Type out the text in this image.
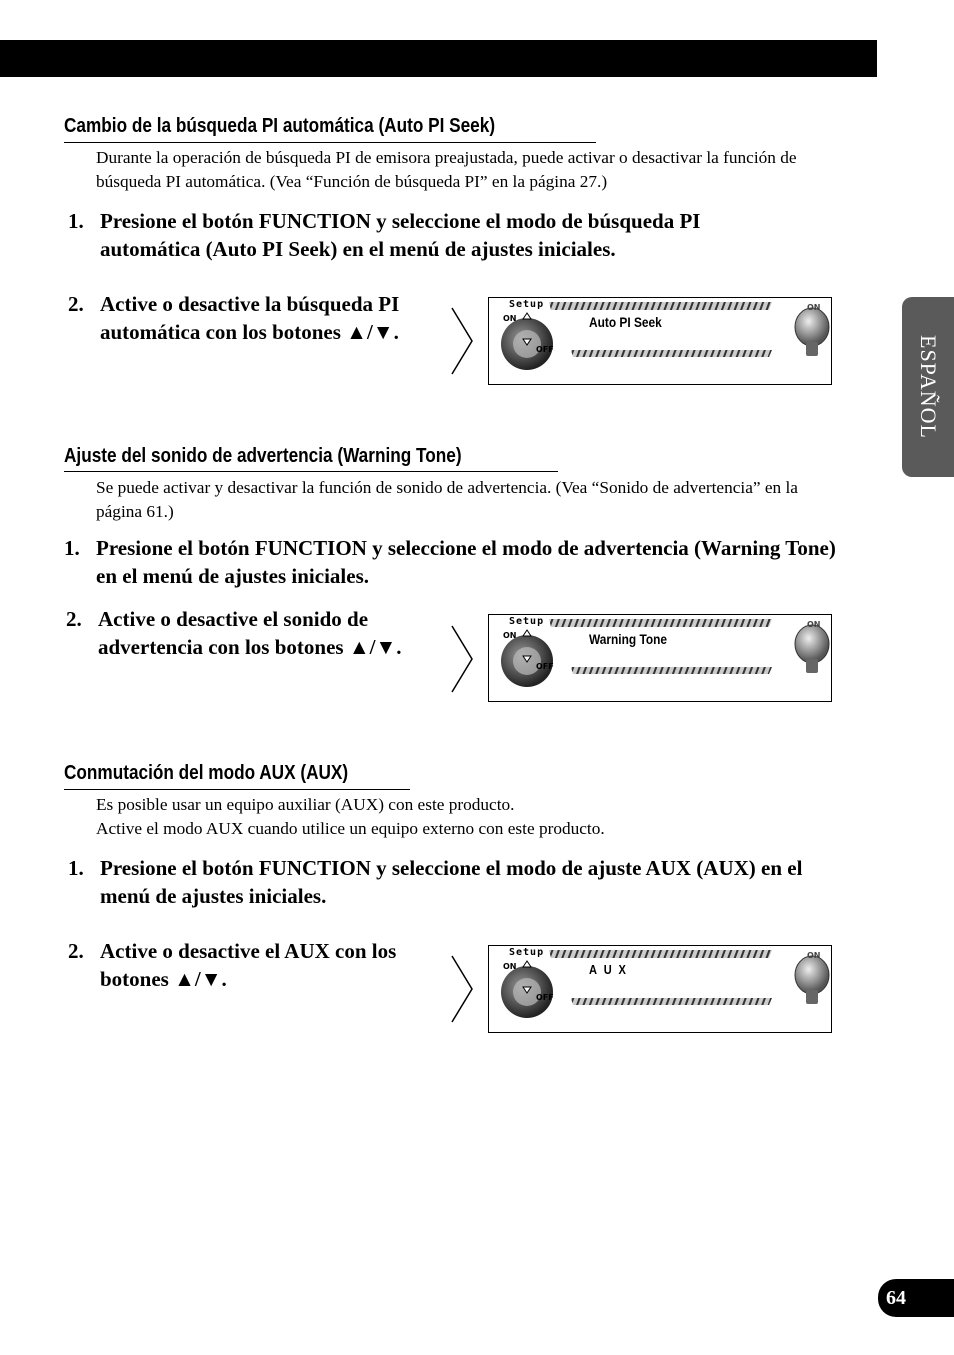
ESPAÑOL
Cambio de la búsqueda PI automática (Auto PI Seek)

Durante la operación de búsqueda PI de emisora preajustada, puede activar o desactivar la función de búsqueda PI automática. (Vea “Función de búsqueda PI” en la página 27.)

1. Presione el botón FUNCTION y seleccione el modo de búsqueda PI automática (Auto PI Seek) en el menú de ajustes iniciales.
2. Active o desactive la búsqueda PI automática con los botones ▲/▼.
Setup
ON
OFF
ON
Auto PI Seek
Ajuste del sonido de advertencia (Warning Tone)

Se puede activar y desactivar la función de sonido de advertencia. (Vea “Sonido de advertencia” en la página 61.)

1. Presione el botón FUNCTION y seleccione el modo de advertencia (Warning Tone) en el menú de ajustes iniciales.
2. Active o desactive el sonido de advertencia con los botones ▲/▼.
Setup
ON
OFF
ON
Warning Tone
Conmutación del modo AUX (AUX)

Es posible usar un equipo auxiliar (AUX) con este producto.

Active el modo AUX cuando utilice un equipo externo con este producto.

1. Presione el botón FUNCTION y seleccione el modo de ajuste AUX (AUX) en el menú de ajustes iniciales.
2. Active o desactive el AUX con los botones ▲/▼.
Setup
ON
OFF
ON
AUX
64
